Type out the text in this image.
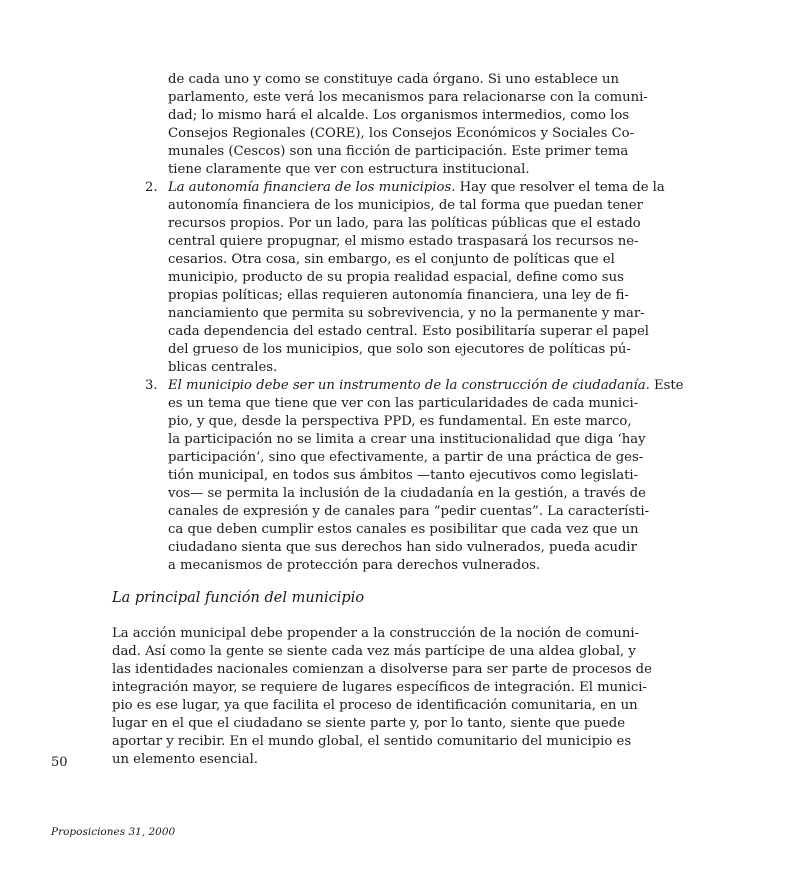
de cada uno y como se constituye cada órgano. Si uno establece un

parlamento, este verá los mecanismos para relacionarse con la comuni-

dad; lo mismo hará el alcalde. Los organismos intermedios, como los

Consejos Regionales (CORE), los Consejos Económicos y Sociales Co-

munales (Cescos) son una ficción de participación. Este primer tema

tiene claramente que ver con estructura institucional.

2. La autonomía financiera de los municipios. Hay que resolver el tema de la

autonomía financiera de los municipios, de tal forma que puedan tener

recursos propios. Por un lado, para las políticas públicas que el estado

central quiere propugnar, el mismo estado traspasará los recursos ne-

cesarios. Otra cosa, sin embargo, es el conjunto de políticas que el

municipio, producto de su propia realidad espacial, define como sus

propias políticas; ellas requieren autonomía financiera, una ley de fi-

nanciamiento que permita su sobrevivencia, y no la permanente y mar-

cada dependencia del estado central. Esto posibilitaría superar el papel

del grueso de los municipios, que solo son ejecutores de políticas pú-

blicas centrales.

3. El municipio debe ser un instrumento de la construcción de ciudadanía. Este

es un tema que tiene que ver con las particularidades de cada munici-

pio, y que, desde la perspectiva PPD, es fundamental. En este marco,

la participación no se limita a crear una institucionalidad que diga ‘hay

participación’, sino que efectivamente, a partir de una práctica de ges-

tión municipal, en todos sus ámbitos —tanto ejecutivos como legislati-

vos— se permita la inclusión de la ciudadanía en la gestión, a través de

canales de expresión y de canales para “pedir cuentas”. La característi-

ca que deben cumplir estos canales es posibilitar que cada vez que un

ciudadano sienta que sus derechos han sido vulnerados, pueda acudir

a mecanismos de protección para derechos vulnerados.

La principal función del municipio

La acción municipal debe propender a la construcción de la noción de comuni-

dad. Así como la gente se siente cada vez más partícipe de una aldea global, y

las identidades nacionales comienzan a disolverse para ser parte de procesos de

integración mayor, se requiere de lugares específicos de integración. El munici-

pio es ese lugar, ya que facilita el proceso de identificación comunitaria, en un

lugar en el que el ciudadano se siente parte y, por lo tanto, siente que puede

aportar y recibir. En el mundo global, el sentido comunitario del municipio es

un elemento esencial.

50
Proposiciones 31, 2000
